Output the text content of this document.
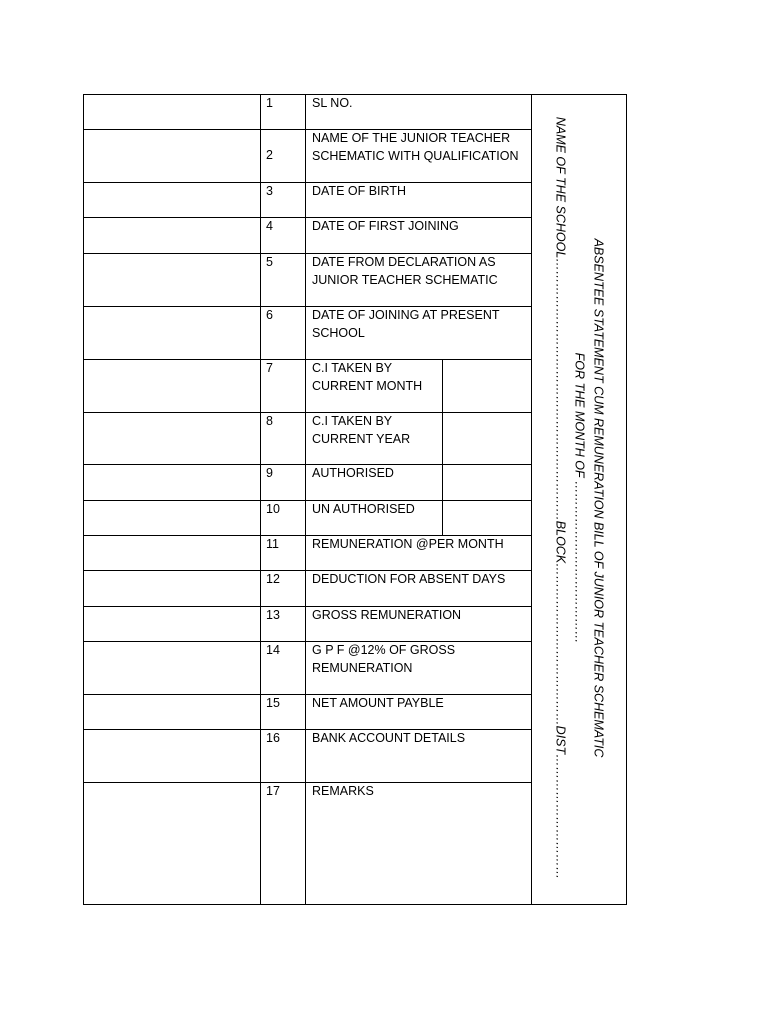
1	SL NO.
2
NAME OF THE JUNIOR TEACHER
SCHEMATIC WITH QUALIFICATION
3	DATE OF BIRTH
4	DATE OF FIRST JOINING
5	DATE FROM DECLARATION AS
JUNIOR TEACHER SCHEMATIC
6	DATE OF JOINING AT PRESENT
SCHOOL
7	C.I TAKEN BY
CURRENT MONTH
8	C.I TAKEN BY
CURRENT YEAR
9	AUTHORISED
10	UN AUTHORISED
11	REMUNERATION @PER MONTH
12	DEDUCTION FOR ABSENT DAYS
13	GROSS REMUNERATION
14	G P F @12% OF GROSS
REMUNERATION
15	NET AMOUNT PAYBLE
16	BANK ACCOUNT DETAILS
17	REMARKS
ABSENTEE STATEMENT CUM REMUNERATION BILL OF JUNIOR TEACHER SCHEMATIC
FOR THE MONTH OF …………………………………
NAME OF THE SCHOOL………………………………………………………BLOCK…………………………………DIST…………………………
